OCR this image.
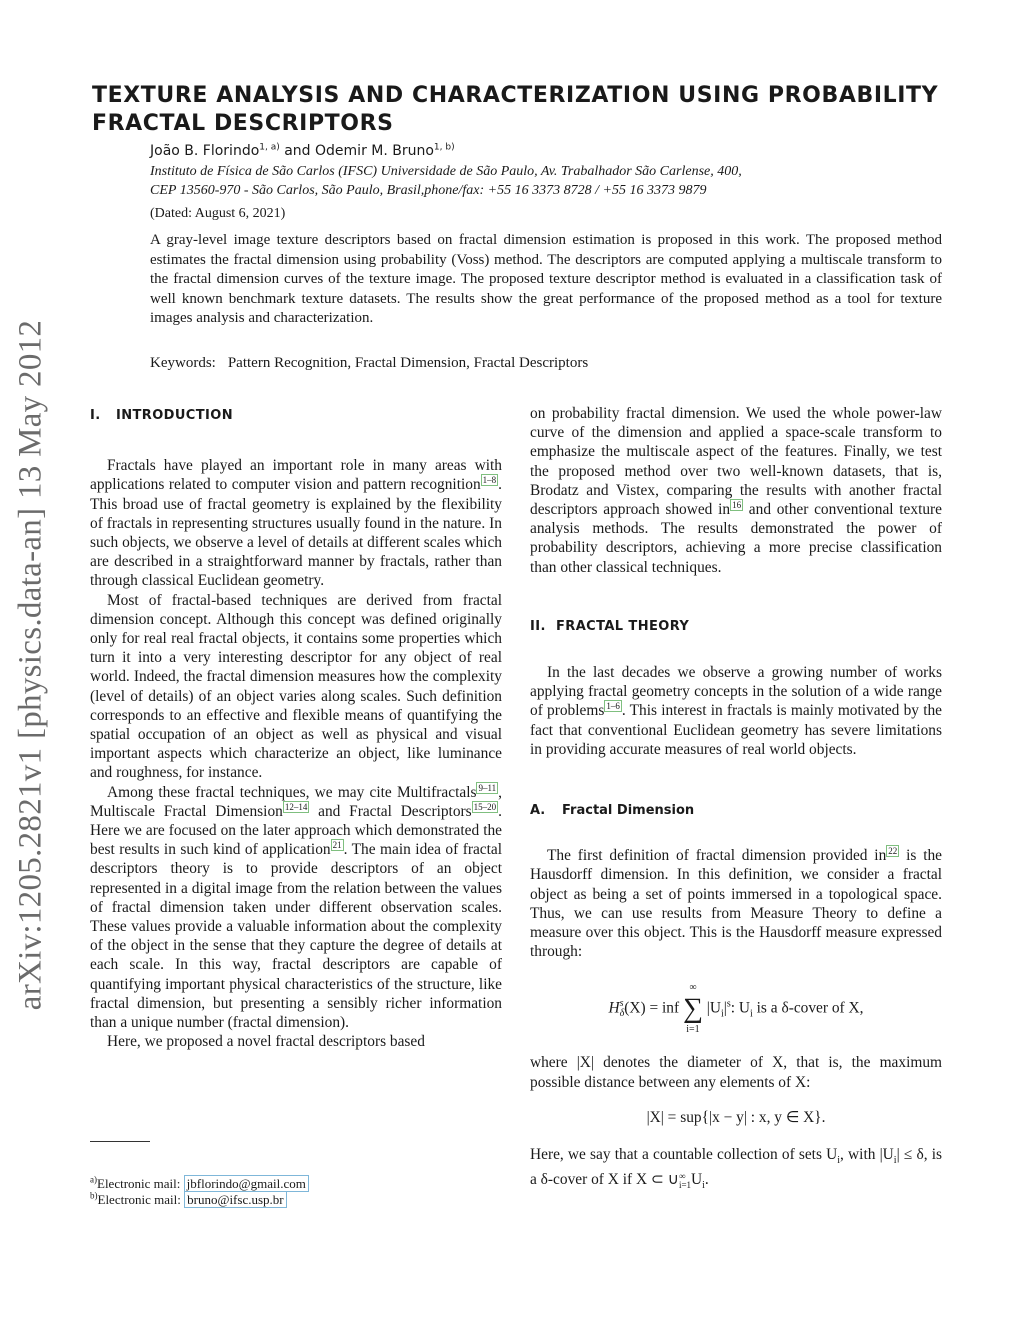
arXiv:1205.2821v1 [physics.data-an] 13 May 2012
TEXTURE ANALYSIS AND CHARACTERIZATION USING PROBABILITY FRACTAL DESCRIPTORS
João B. Florindo$^{1, a)}$ and Odemir M. Bruno$^{1, b)}$
Instituto de Física de São Carlos (IFSC) Universidade de São Paulo, Av. Trabalhador São Carlense, 400,
CEP 13560-970 - São Carlos, São Paulo, Brasil,phone/fax: +55 16 3373 8728 / +55 16 3373 9879
(Dated: August 6, 2021)

A gray-level image texture descriptors based on fractal dimension estimation is proposed in this work. The proposed method estimates the fractal dimension using probability (Voss) method. The descriptors are computed applying a multiscale transform to the fractal dimension curves of the texture image. The proposed texture descriptor method is evaluated in a classification task of well known benchmark texture datasets. The results show the great performance of the proposed method as a tool for texture images analysis and characterization.

Keywords: Pattern Recognition, Fractal Dimension, Fractal Descriptors
I. INTRODUCTION

Fractals have played an important role in many areas with applications related to computer vision and pattern recognition $^{1-8}$ . This broad use of fractal geometry is explained by the flexibility of fractals in representing structures usually found in the nature. In such objects, we observe a level of details at different scales which are described in a straightforward manner by fractals, rather than through classical Euclidean geometry.

Most of fractal-based techniques are derived from fractal dimension concept. Although this concept was defined originally only for real real fractal objects, it contains some properties which turn it into a very interesting descriptor for any object of real world. Indeed, the fractal dimension measures how the complexity (level of details) of an object varies along scales. Such definition corresponds to an effective and flexible means of quantifying the spatial occupation of an object as well as physical and visual important aspects which characterize an object, like luminance and roughness, for instance.

Among these fractal techniques, we may cite Multifractals $^{9-11}$ , Multiscale Fractal Dimension $^{12-14}$ and Fractal Descriptors $^{15-20}$ . Here we are focused on the later approach which demonstrated the best results in such kind of application $^{21}$ . The main idea of fractal descriptors theory is to provide descriptors of an object represented in a digital image from the relation between the values of fractal dimension taken under different observation scales. These values provide a valuable information about the complexity of the object in the sense that they capture the degree of details at each scale. In this way, fractal descriptors are capable of quantifying important physical characteristics of the structure, like fractal dimension, but presenting a sensibly richer information than a unique number (fractal dimension).

Here, we proposed a novel fractal descriptors based

on probability fractal dimension. We used the whole power-law curve of the dimension and applied a space-scale transform to emphasize the multiscale aspect of the features. Finally, we test the proposed method over two well-known datasets, that is, Brodatz and Vistex, comparing the results with another fractal descriptors approach showed in $^{16}$ and other conventional texture analysis methods. The results demonstrated the power of probability descriptors, achieving a more precise classification than other classical techniques.

II. FRACTAL THEORY

In the last decades we observe a growing number of works applying fractal geometry concepts in the solution of a wide range of problems $^{1-6}$ . This interest in fractals is mainly motivated by the fact that conventional Euclidean geometry has severe limitations in providing accurate measures of real world objects.

A. Fractal Dimension

The first definition of fractal dimension provided in $^{22}$ is the Hausdorff dimension. In this definition, we consider a fractal object as being a set of points immersed in a topological space. Thus, we can use results from Measure Theory to define a measure over this object. This is the Hausdorff measure expressed through:

Hs
δ(X) = inf
∞
∑
i=1
$|U_i|^s$: $U_i$ is a δ-cover of X,

where |X| denotes the diameter of X, that is, the maximum possible distance between any elements of X:

|X| = sup{|x − y| : x, y ∈ X}.

Here, we say that a countable collection of sets $U_i$, with $|U_i| \le \delta$, is a δ-cover of X if X ⊂ ∪∞
$i=1U_i$.

$^{a)}$Electronic mail: jbflorindo@gmail.com
$^{b)}$Electronic mail: bruno@ifsc.usp.br
